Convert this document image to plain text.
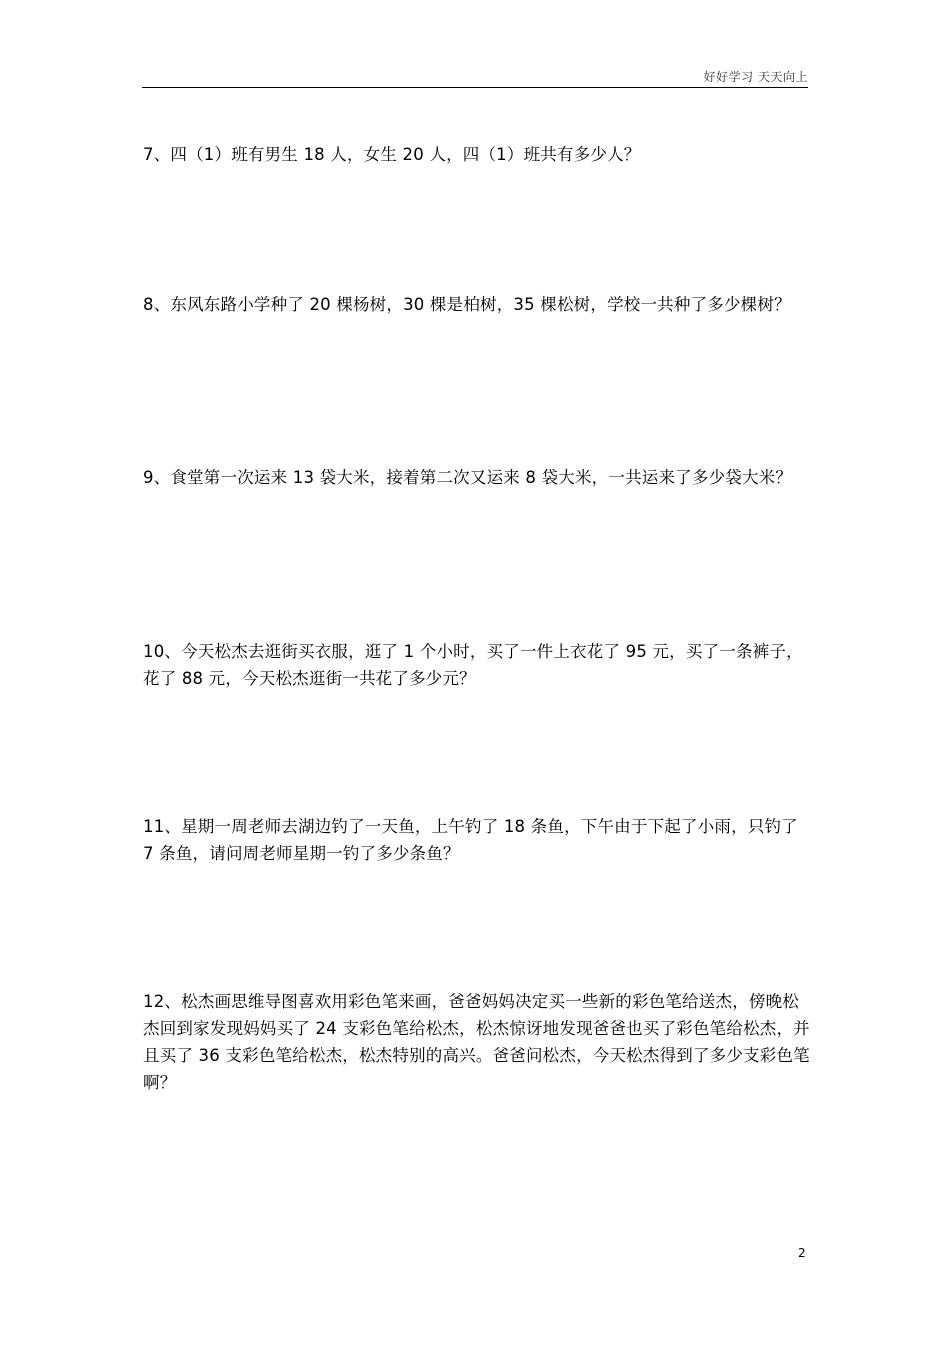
好好学习 天天向上

7、四（1）班有男生 18 人，女生 20 人，四（1）班共有多少人？

8、东风东路小学种了 20 棵杨树，30 棵是柏树，35 棵松树，学校一共种了多少棵树？

9、食堂第一次运来 13 袋大米，接着第二次又运来 8 袋大米，一共运来了多少袋大米？

10、今天松杰去逛街买衣服，逛了 1 个小时，买了一件上衣花了 95 元，买了一条裤子，花了 88 元，今天松杰逛街一共花了多少元？

11、星期一周老师去湖边钓了一天鱼，上午钓了 18 条鱼，下午由于下起了小雨，只钓了 7 条鱼，请问周老师星期一钓了多少条鱼？

12、松杰画思维导图喜欢用彩色笔来画，爸爸妈妈决定买一些新的彩色笔给送杰，傍晚松杰回到家发现妈妈买了 24 支彩色笔给松杰，松杰惊讶地发现爸爸也买了彩色笔给松杰，并且买了 36 支彩色笔给松杰，松杰特别的高兴。爸爸问松杰，今天松杰得到了多少支彩色笔啊？

2
